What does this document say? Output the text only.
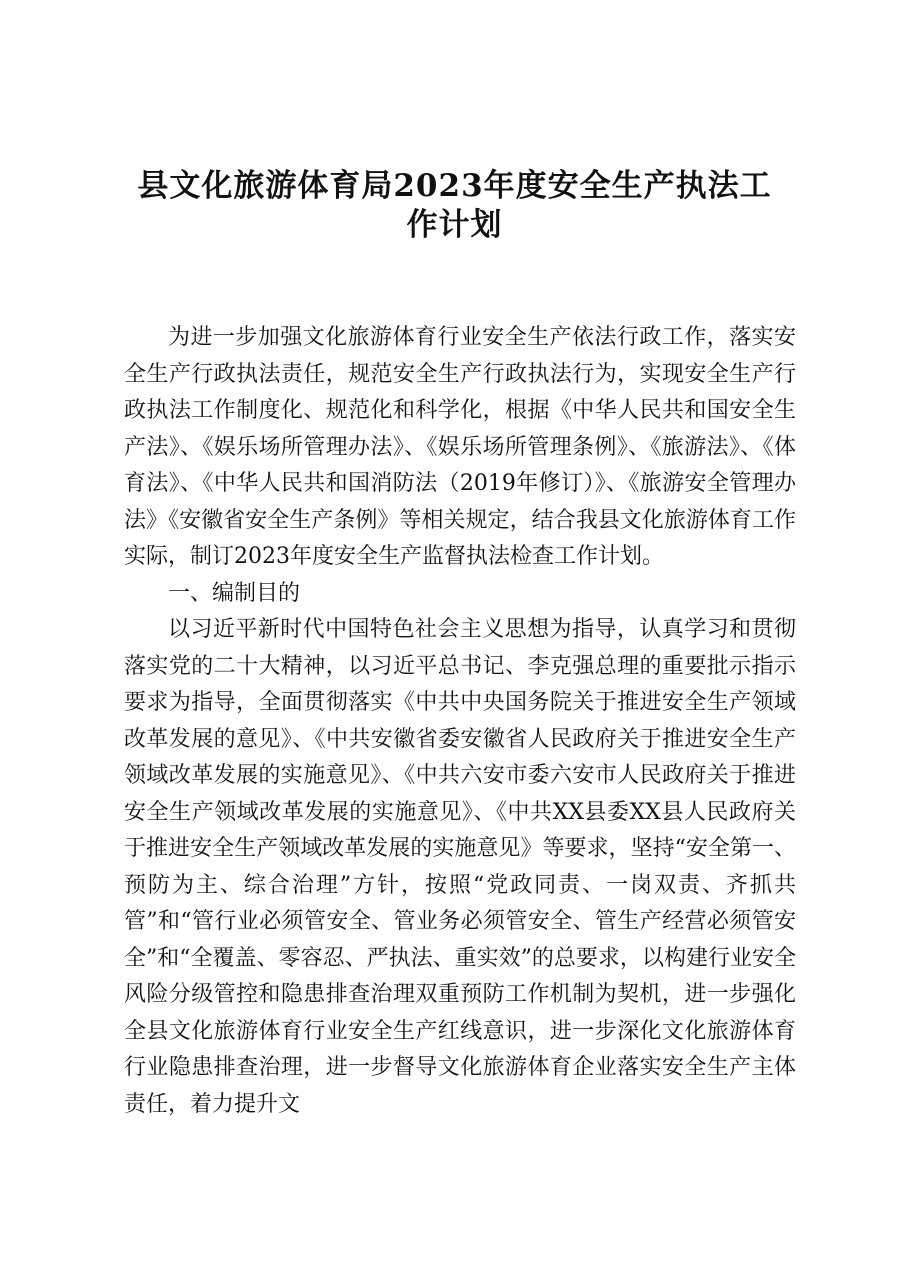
县文化旅游体育局2023年度安全生产执法工
作计划

为进一步加强文化旅游体育行业安全生产依法行政工作，落实安全生产行政执法责任，规范安全生产行政执法行为，实现安全生产行政执法工作制度化、规范化和科学化，根据《中华人民共和国安全生产法》、《娱乐场所管理办法》、《娱乐场所管理条例》、《旅游法》、《体育法》、《中华人民共和国消防法（2019年修订）》、《旅游安全管理办法》《安徽省安全生产条例》等相关规定，结合我县文化旅游体育工作实际，制订2023年度安全生产监督执法检查工作计划。

一、编制目的

以习近平新时代中国特色社会主义思想为指导，认真学习和贯彻落实党的二十大精神，以习近平总书记、李克强总理的重要批示指示要求为指导，全面贯彻落实《中共中央国务院关于推进安全生产领域改革发展的意见》、《中共安徽省委安徽省人民政府关于推进安全生产领域改革发展的实施意见》、《中共六安市委六安市人民政府关于推进安全生产领域改革发展的实施意见》、《中共XX县委XX县人民政府关于推进安全生产领域改革发展的实施意见》等要求，坚持“安全第一、预防为主、综合治理”方针，按照“党政同责、一岗双责、齐抓共管”和“管行业必须管安全、管业务必须管安全、管生产经营必须管安全”和“全覆盖、零容忍、严执法、重实效”的总要求，以构建行业安全风险分级管控和隐患排查治理双重预防工作机制为契机，进一步强化全县文化旅游体育行业安全生产红线意识，进一步深化文化旅游体育行业隐患排查治理，进一步督导文化旅游体育企业落实安全生产主体责任，着力提升文
